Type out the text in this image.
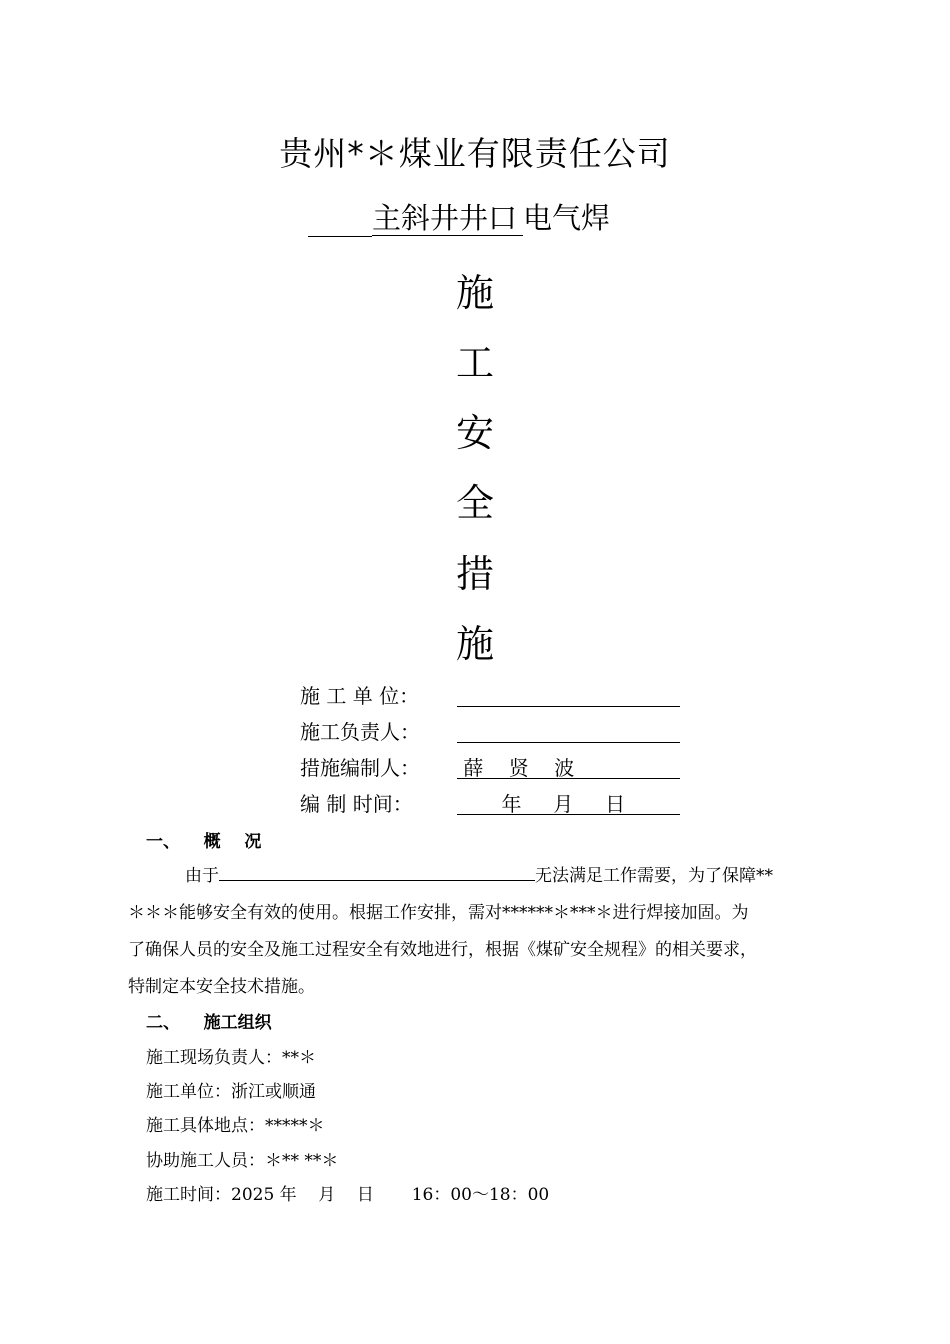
贵州*＊煤业有限责任公司
主斜井井口 电气焊
施
工
安
全
措
施
施 工 单 位：
施工负责人：
措施编制人： 薛    贤    波
编 制 时间： 年     月     日
一、    概    况
由于	无法满足工作需要，为了保障**
＊＊＊能够安全有效的使用。根据工作安排，需对******＊***＊进行焊接加固。为
了确保人员的安全及施工过程安全有效地进行，根据《煤矿安全规程》的相关要求，
特制定本安全技术措施。
二、    施工组织
施工现场负责人：**＊
施工单位：浙江或顺通
施工具体地点：*****＊
协助施工人员：＊** **＊
施工时间：2025 年    月    日       16：00～18：00
